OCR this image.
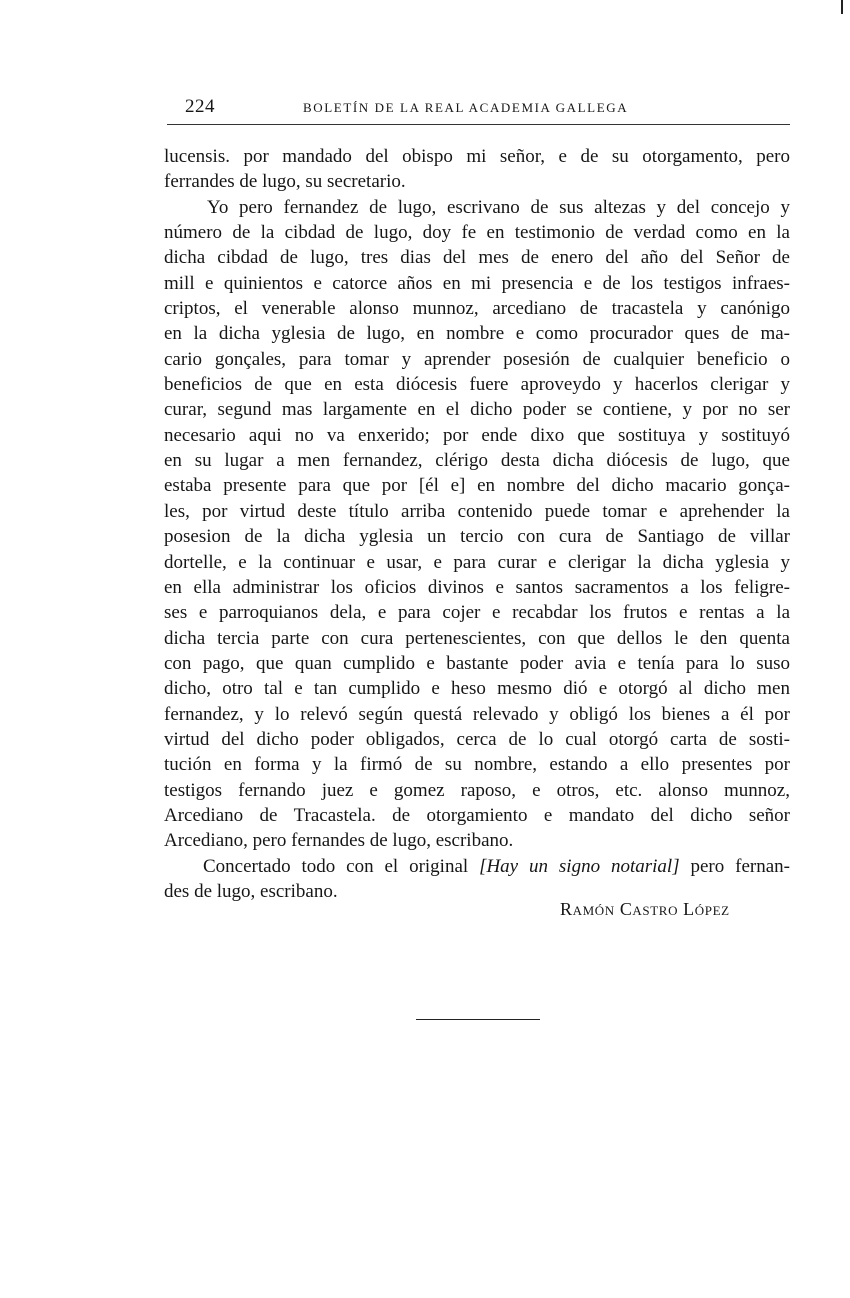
224	BOLETÍN DE LA REAL ACADEMIA GALLEGA
lucensis. por mandado del obispo mi señor, e de su otorgamento, pero
ferrandes de lugo, su secretario.
Yo pero fernandez de lugo, escrivano de sus altezas y del concejo y
número de la cibdad de lugo, doy fe en testimonio de verdad como en la
dicha cibdad de lugo, tres dias del mes de enero del año del Señor de
mill e quinientos e catorce años en mi presencia e de los testigos infraes-
criptos, el venerable alonso munnoz, arcediano de tracastela y canónigo
en la dicha yglesia de lugo, en nombre e como procurador ques de ma-
cario gonçales, para tomar y aprender posesión de cualquier beneficio o
beneficios de que en esta diócesis fuere aproveydo y hacerlos clerigar y
curar, segund mas largamente en el dicho poder se contiene, y por no ser
necesario aqui no va enxerido; por ende dixo que sostituya y sostituyó
en su lugar a men fernandez, clérigo desta dicha diócesis de lugo, que
estaba presente para que por [él e] en nombre del dicho macario gonça-
les, por virtud deste título arriba contenido puede tomar e aprehender la
posesion de la dicha yglesia un tercio con cura de Santiago de villar
dortelle, e la continuar e usar, e para curar e clerigar la dicha yglesia y
en ella administrar los oficios divinos e santos sacramentos a los feligre-
ses e parroquianos dela, e para cojer e recabdar los frutos e rentas a la
dicha tercia parte con cura pertenescientes, con que dellos le den quenta
con pago, que quan cumplido e bastante poder avia e tenía para lo suso
dicho, otro tal e tan cumplido e heso mesmo dió e otorgó al dicho men
fernandez, y lo relevó según questá relevado y obligó los bienes a él por
virtud del dicho poder obligados, cerca de lo cual otorgó carta de sosti-
tución en forma y la firmó de su nombre, estando a ello presentes por
testigos fernando juez e gomez raposo, e otros, etc. alonso munnoz,
Arcediano de Tracastela. de otorgamiento e mandato del dicho señor
Arcediano, pero fernandes de lugo, escribano.
Concertado todo con el original [Hay un signo notarial] pero fernan-
des de lugo, escribano.
Ramón Castro López
